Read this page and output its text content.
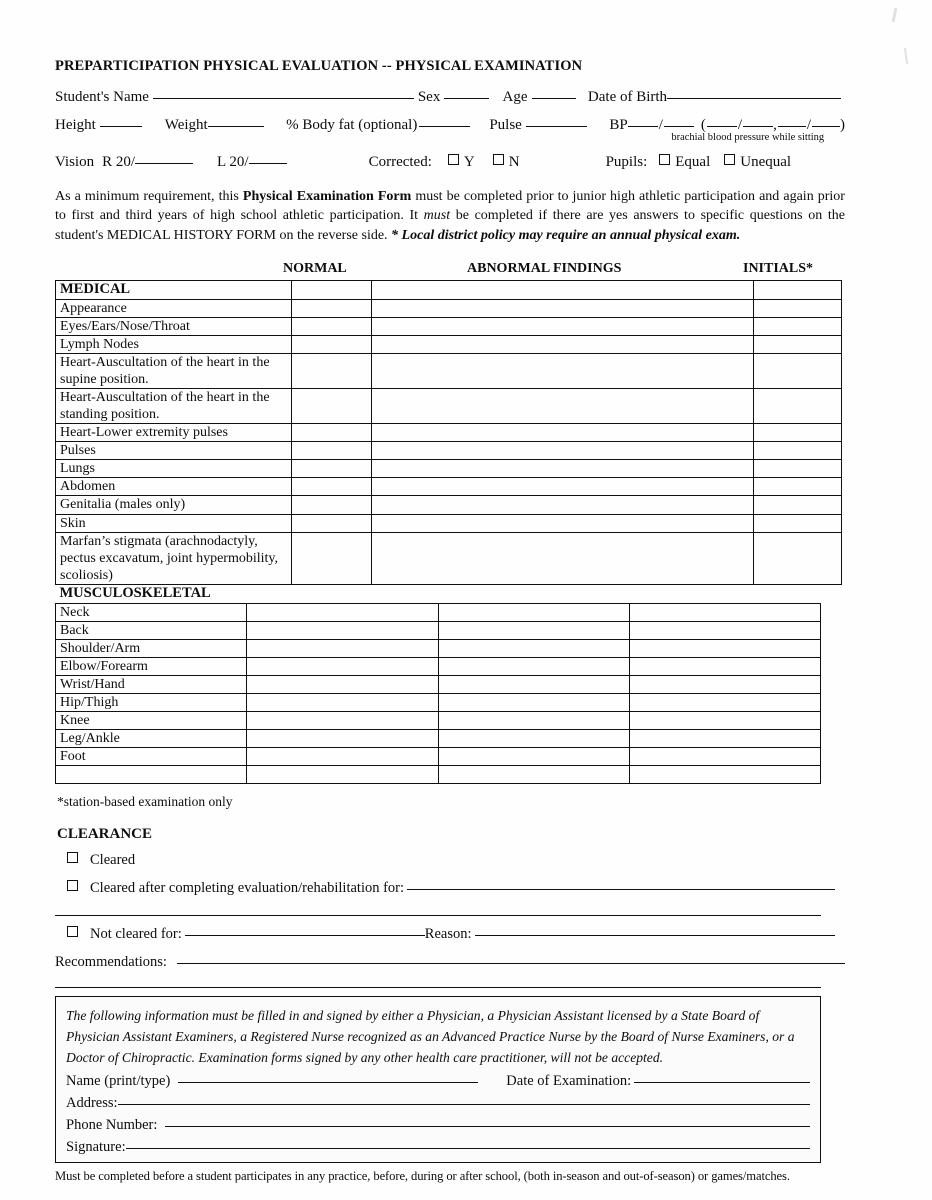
PREPARTICIPATION PHYSICAL EVALUATION -- PHYSICAL EXAMINATION
Student's Name	Sex	Age	Date of Birth
Height	Weight	% Body fat (optional)	Pulse	BP /	( / , / )
brachial blood pressure while sitting
Vision R 20/	L 20/	Corrected: Y N	Pupils: Equal Unequal

As a minimum requirement, this Physical Examination Form must be completed prior to junior high athletic participation and again prior to first and third years of high school athletic participation. It must be completed if there are yes answers to specific questions on the student's MEDICAL HISTORY FORM on the reverse side. * Local district policy may require an annual physical exam.

NORMAL	ABNORMAL FINDINGS	INITIALS*
MEDICAL			
Appearance			
Eyes/Ears/Nose/Throat			
Lymph Nodes			
Heart-Auscultation of the heart in the supine position.			
Heart-Auscultation of the heart in the standing position.			
Heart-Lower extremity pulses			
Pulses			
Lungs			
Abdomen			
Genitalia (males only)			
Skin			
Marfan’s stigmata (arachnodactyly, pectus excavatum, joint hypermobility, scoliosis)			
MUSCULOSKELETAL			
Neck			
Back			
Shoulder/Arm			
Elbow/Forearm			
Wrist/Hand			
Hip/Thigh			
Knee			
Leg/Ankle			
Foot			

*station-based examination only
CLEARANCE
Cleared
Cleared after completing evaluation/rehabilitation for:
Not cleared for:	Reason:
Recommendations:

The following information must be filled in and signed by either a Physician, a Physician Assistant licensed by a State Board of Physician Assistant Examiners, a Registered Nurse recognized as an Advanced Practice Nurse by the Board of Nurse Examiners, or a Doctor of Chiropractic. Examination forms signed by any other health care practitioner, will not be accepted.

Name (print/type)	Date of Examination:
Address:
Phone Number:
Signature:
Must be completed before a student participates in any practice, before, during or after school, (both in-season and out-of-season) or games/matches.
